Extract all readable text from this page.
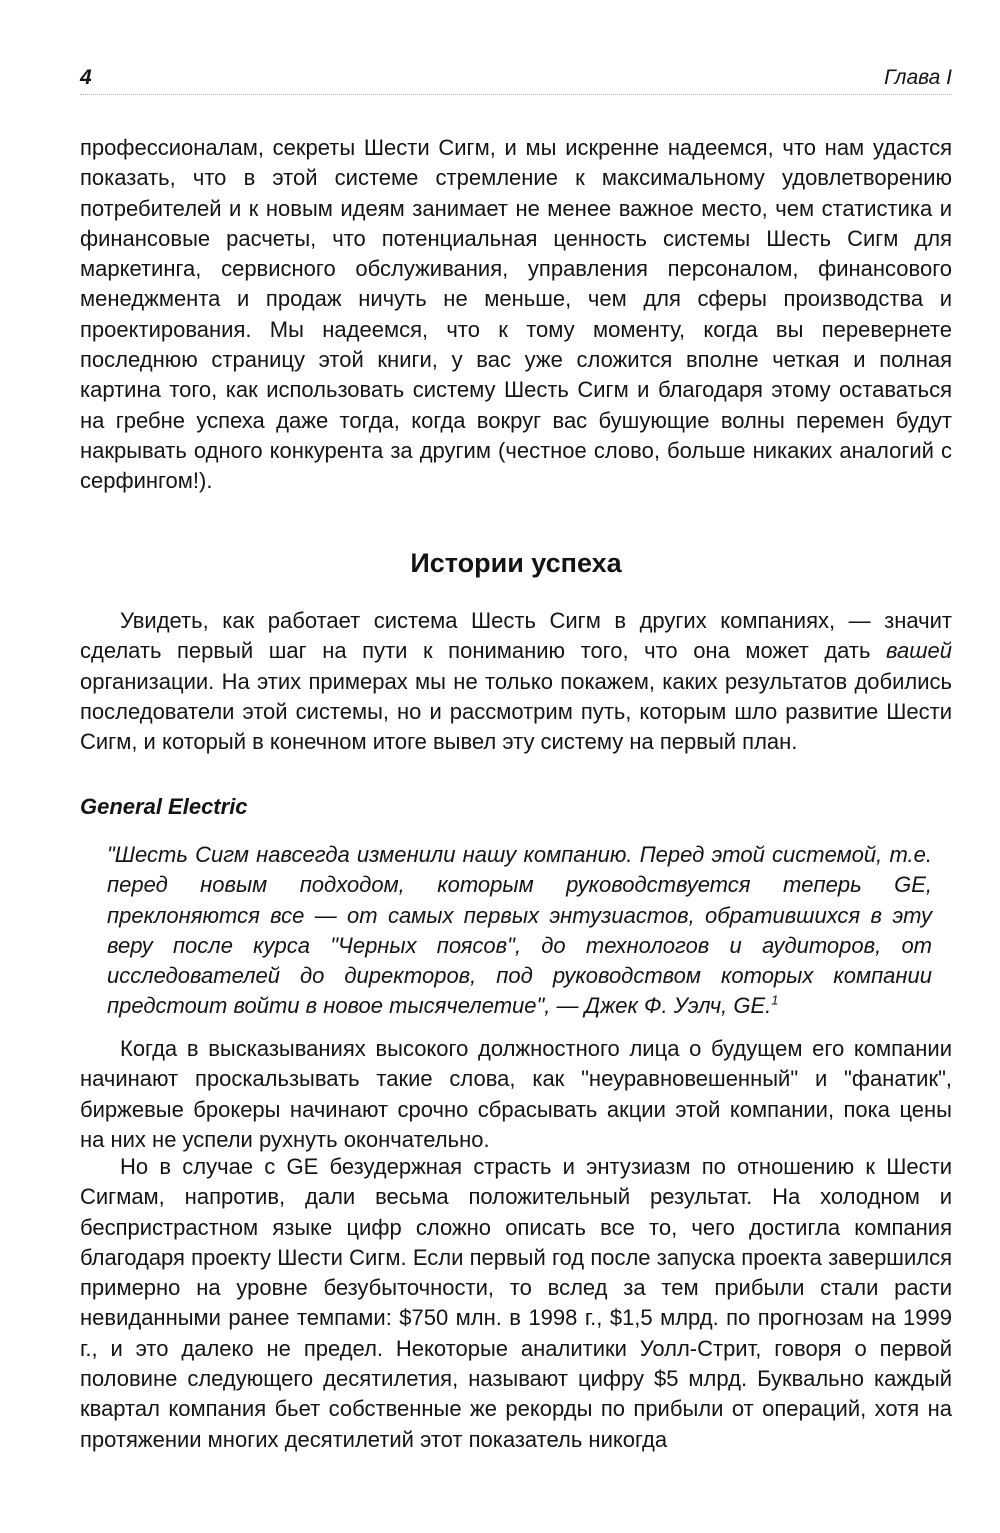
4	Глава I

профессионалам, секреты Шести Сигм, и мы искренне надеемся, что нам удастся показать, что в этой системе стремление к максимальному удовлетворению потребителей и к новым идеям занимает не менее важное место, чем статистика и финансовые расчеты, что потенциальная ценность системы Шесть Сигм для маркетинга, сервисного обслуживания, управления персоналом, финансового менеджмента и продаж ничуть не меньше, чем для сферы производства и проектирования. Мы надеемся, что к тому моменту, когда вы перевернете последнюю страницу этой книги, у вас уже сложится вполне четкая и полная картина того, как использовать систему Шесть Сигм и благодаря этому оставаться на гребне успеха даже тогда, когда вокруг вас бушующие волны перемен будут накрывать одного конкурента за другим (честное слово, больше никаких аналогий с серфингом!).

Истории успеха

Увидеть, как работает система Шесть Сигм в других компаниях, — значит сделать первый шаг на пути к пониманию того, что она может дать вашей организации. На этих примерах мы не только покажем, каких результатов добились последователи этой системы, но и рассмотрим путь, которым шло развитие Шести Сигм, и который в конечном итоге вывел эту систему на первый план.

General Electric

"Шесть Сигм навсегда изменили нашу компанию. Перед этой системой, т.е. перед новым подходом, которым руководствуется теперь GE, преклоняются все — от самых первых энтузиастов, обратившихся в эту веру после курса "Черных поясов", до технологов и аудиторов, от исследователей до директоров, под руководством которых компании предстоит войти в новое тысячелетие", — Джек Ф. Уэлч, GE.$^1$

Когда в высказываниях высокого должностного лица о будущем его компании начинают проскальзывать такие слова, как "неуравновешенный" и "фанатик", биржевые брокеры начинают срочно сбрасывать акции этой компании, пока цены на них не успели рухнуть окончательно.

Но в случае с GE безудержная страсть и энтузиазм по отношению к Шести Сигмам, напротив, дали весьма положительный результат. На холодном и беспристрастном языке цифр сложно описать все то, чего достигла компания благодаря проекту Шести Сигм. Если первый год после запуска проекта завершился примерно на уровне безубыточности, то вслед за тем прибыли стали расти невиданными ранее темпами: $750 млн. в 1998 г., $1,5 млрд. по прогнозам на 1999 г., и это далеко не предел. Некоторые аналитики Уолл-Стрит, говоря о первой половине следующего десятилетия, называют цифру $5 млрд. Буквально каждый квартал компания бьет собственные же рекорды по прибыли от операций, хотя на протяжении многих десятилетий этот показатель никогда
